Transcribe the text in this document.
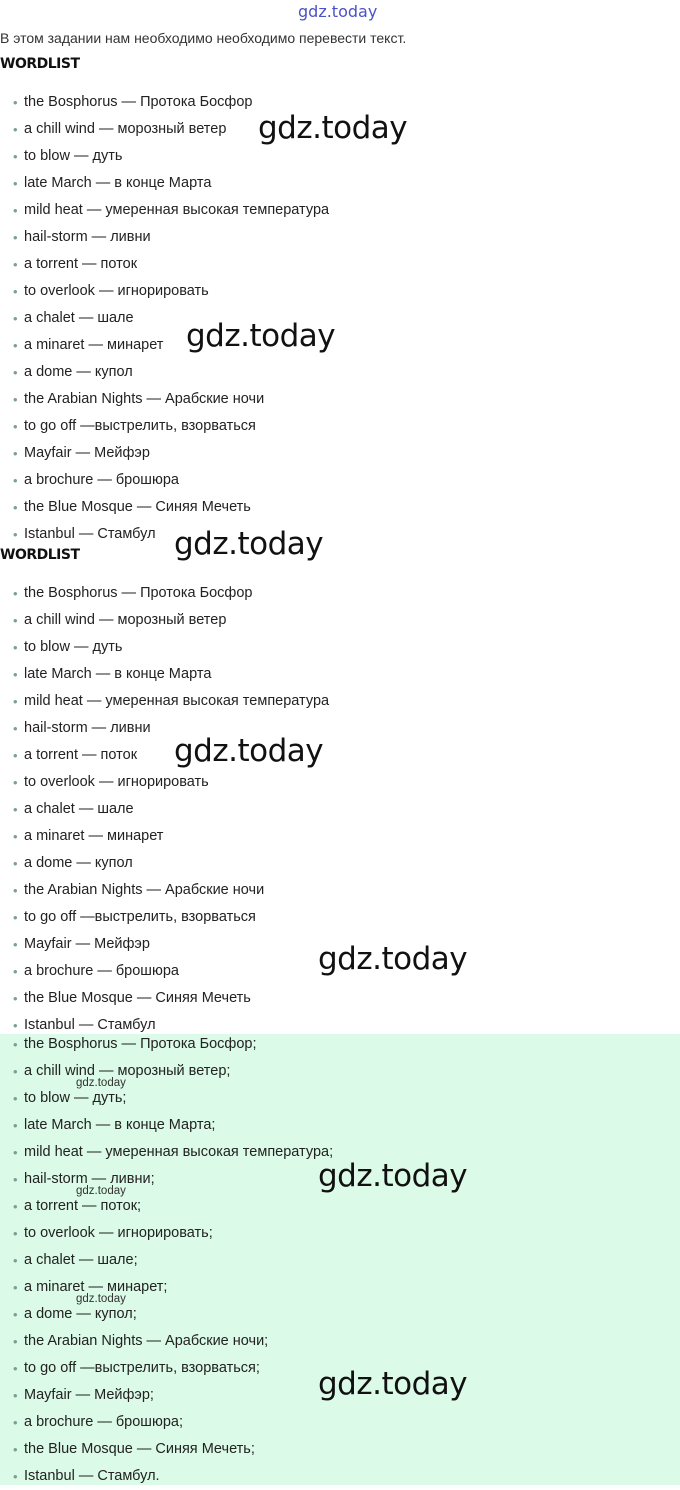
gdz.today
В этом задании нам необходимо необходимо перевести текст.
WORDLIST
• the Bosphorus — Протока Босфор
• a chill wind — морозный ветер
• to blow — дуть
• late March — в конце Марта
• mild heat — умеренная высокая температура
• hail-storm — ливни
• a torrent — поток
• to overlook — игнорировать
• a chalet — шале
• a minaret — минарет
• a dome — купол
• the Arabian Nights — Арабские ночи
• to go off —выстрелить, взорваться
• Mayfair — Мейфэр
• a brochure — брошюра
• the Blue Mosque — Синяя Мечеть
• Istanbul — Стамбул
WORDLIST
• the Bosphorus — Протока Босфор
• a chill wind — морозный ветер
• to blow — дуть
• late March — в конце Марта
• mild heat — умеренная высокая температура
• hail-storm — ливни
• a torrent — поток
• to overlook — игнорировать
• a chalet — шале
• a minaret — минарет
• a dome — купол
• the Arabian Nights — Арабские ночи
• to go off —выстрелить, взорваться
• Mayfair — Мейфэр
• a brochure — брошюра
• the Blue Mosque — Синяя Мечеть
• Istanbul — Стамбул
• the Bosphorus — Протока Босфор;
• a chill wind — морозный ветер;
• to blow — дуть;
• late March — в конце Марта;
• mild heat — умеренная высокая температура;
• hail-storm — ливни;
• a torrent — поток;
• to overlook — игнорировать;
• a chalet — шале;
• a minaret — минарет;
• a dome — купол;
• the Arabian Nights — Арабские ночи;
• to go off —выстрелить, взорваться;
• Mayfair — Мейфэр;
• a brochure — брошюра;
• the Blue Mosque — Синяя Мечеть;
• Istanbul — Стамбул.
gdz.today
gdz.today
gdz.today
gdz.today
gdz.today
gdz.today
gdz.today
gdz.today
gdz.today
gdz.today
